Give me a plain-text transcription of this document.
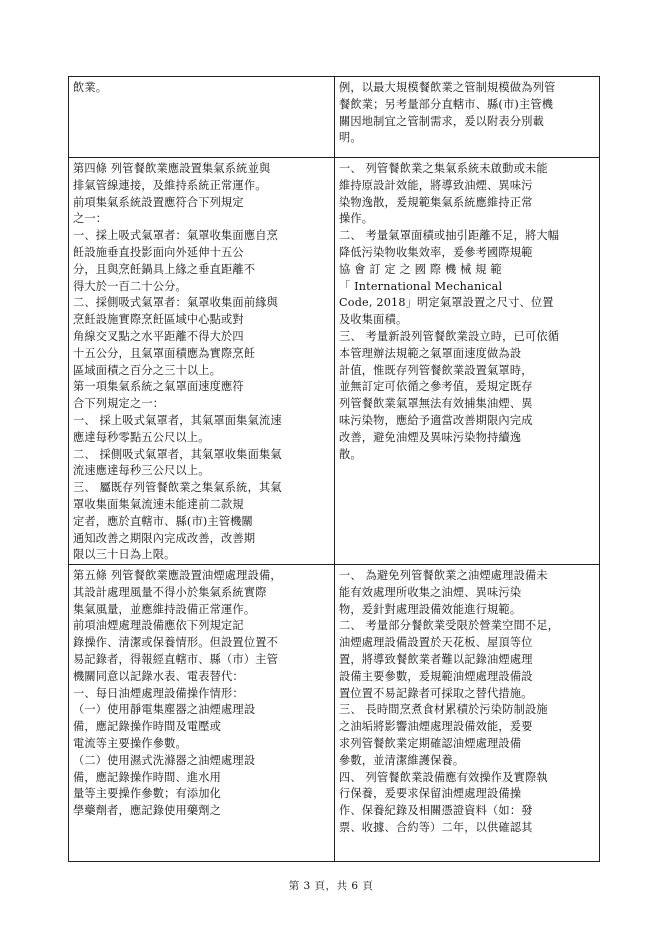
飲業。	例，以最大規模餐飲業之管制規模做為列管
餐飲業；另考量部分直轄市、縣(市)主管機
關因地制宜之管制需求，爰以附表分別載
明。
第四條 列管餐飲業應設置集氣系統並與
排氣管線連接，及維持系統正常運作。
前項集氣系統設置應符合下列規定
之一：
一、採上吸式氣罩者：氣罩收集面應自烹
飪設施垂直投影面向外延伸十五公
分，且與烹飪鍋具上緣之垂直距離不
得大於一百二十公分。
二、採側吸式氣罩者：氣罩收集面前緣與
烹飪設施實際烹飪區域中心點或對
角線交叉點之水平距離不得大於四
十五公分，且氣罩面積應為實際烹飪
區域面積之百分之三十以上。
第一項集氣系統之氣罩面速度應符
合下列規定之一：
一、 採上吸式氣罩者，其氣罩面集氣流速
應達每秒零點五公尺以上。
二、 採側吸式氣罩者，其氣罩收集面集氣
流速應達每秒三公尺以上。
三、 屬既存列管餐飲業之集氣系統，其氣
罩收集面集氣流速未能達前二款規
定者，應於直轄市、縣(市)主管機關
通知改善之期限內完成改善，改善期
限以三十日為上限。
一、 列管餐飲業之集氣系統未啟動或未能
維持原設計效能，將導致油煙、異味污
染物逸散，爰規範集氣系統應維持正常
操作。
二、 考量氣罩面積或抽引距離不足，將大幅
降低污染物收集效率，爰參考國際規範
協 會 訂 定 之 國 際 機 械 規 範
「 International Mechanical
Code, 2018」明定氣罩設置之尺寸、位置
及收集面積。
三、 考量新設列管餐飲業設立時，已可依循
本管理辦法規範之氣罩面速度做為設
計值，惟既存列管餐飲業設置氣罩時，
並無訂定可依循之參考值，爰規定既存
列管餐飲業氣罩無法有效捕集油煙、異
味污染物，應給予適當改善期限內完成
改善，避免油煙及異味污染物持續逸
散。
第五條 列管餐飲業應設置油煙處理設備，
其設計處理風量不得小於集氣系統實際
集氣風量，並應維持設備正常運作。
前項油煙處理設備應依下列規定記
錄操作、清潔或保養情形。但設置位置不
易記錄者，得報經直轄市、縣（市）主管
機關同意以記錄水表、電表替代：
一、每日油煙處理設備操作情形：
（一）使用靜電集塵器之油煙處理設
備，應記錄操作時間及電壓或
電流等主要操作參數。
（二）使用濕式洗滌器之油煙處理設
備，應記錄操作時間、進水用
量等主要操作參數；有添加化
學藥劑者，應記錄使用藥劑之
一、 為避免列管餐飲業之油煙處理設備未
能有效處理所收集之油煙、異味污染
物，爰針對處理設備效能進行規範。
二、 考量部分餐飲業受限於營業空間不足，
油煙處理設備設置於天花板、屋頂等位
置，將導致餐飲業者難以記錄油煙處理
設備主要參數，爰規範油煙處理設備設
置位置不易記錄者可採取之替代措施。
三、 長時間烹煮食材累積於污染防制設施
之油垢將影響油煙處理設備效能，爰要
求列管餐飲業定期確認油煙處理設備
參數，並清潔維護保養。
四、 列管餐飲業設備應有效操作及實際執
行保養，爰要求保留油煙處理設備操
作、保養紀錄及相關憑證資料（如：發
票、收據、合約等）二年，以供確認其
第 3 頁，共 6 頁
